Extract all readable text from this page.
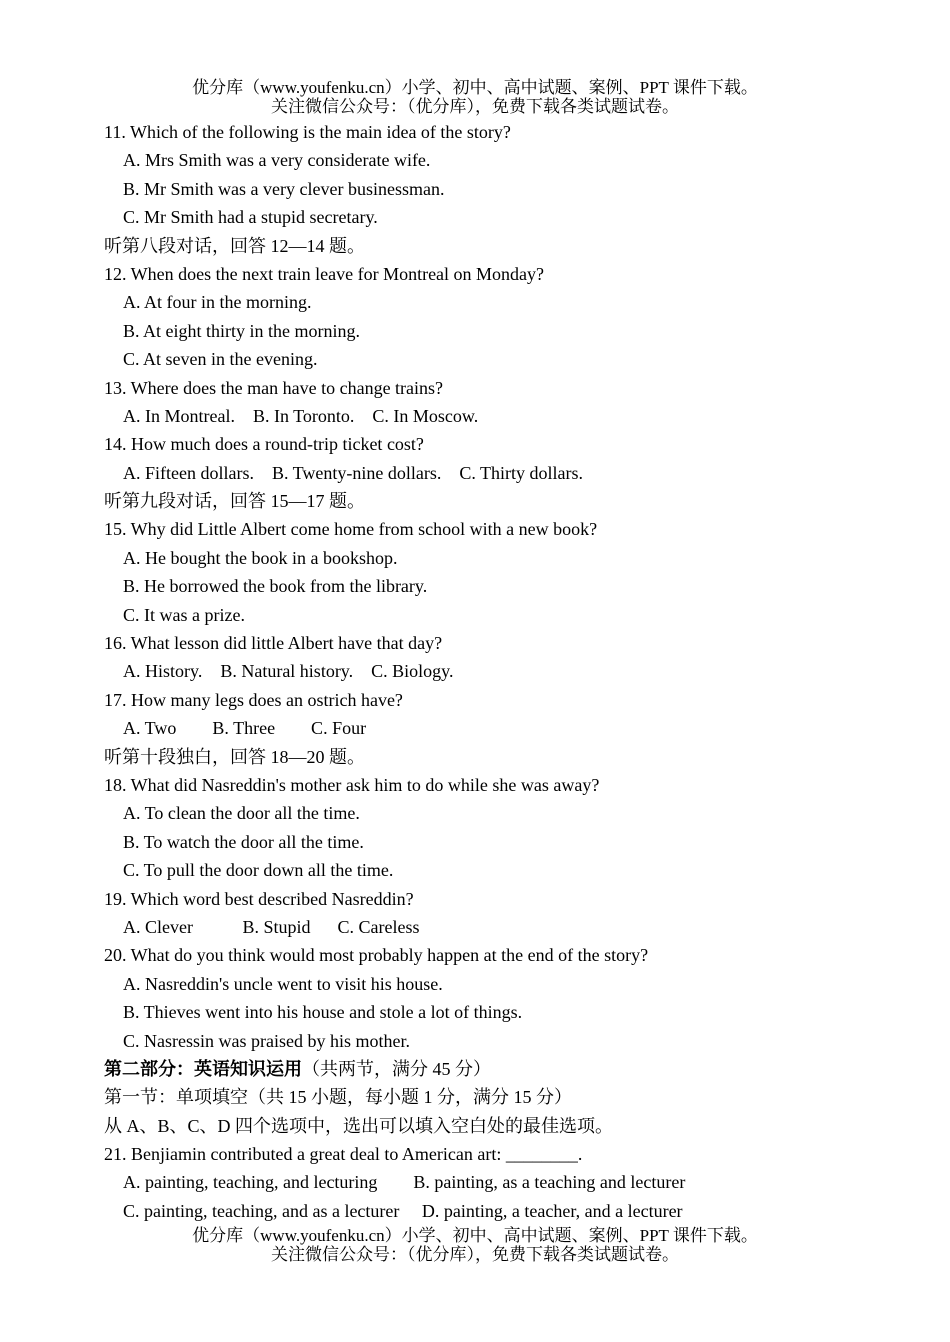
优分库（www.youfenku.cn）小学、初中、高中试题、案例、PPT 课件下载。
关注微信公众号：（优分库），免费下载各类试题试卷。
11. Which of the following is the main idea of the story?
A. Mrs Smith was a very considerate wife.
B. Mr Smith was a very clever businessman.
C. Mr Smith had a stupid secretary.
听第八段对话，回答 12—14 题。
12. When does the next train leave for Montreal on Monday?
A. At four in the morning.
B. At eight thirty in the morning.
C. At seven in the evening.
13. Where does the man have to change trains?
A. In Montreal.    B. In Toronto.    C. In Moscow.
14. How much does a round-trip ticket cost?
A. Fifteen dollars.    B. Twenty-nine dollars.    C. Thirty dollars.
听第九段对话，回答 15—17 题。
15. Why did Little Albert come home from school with a new book?
A. He bought the book in a bookshop.
B. He borrowed the book from the library.
C. It was a prize.
16. What lesson did little Albert have that day?
A. History.    B. Natural history.    C. Biology.
17. How many legs does an ostrich have?
A. Two        B. Three        C. Four
听第十段独白，回答 18—20 题。
18. What did Nasreddin's mother ask him to do while she was away?
A. To clean the door all the time.
B. To watch the door all the time.
C. To pull the door down all the time.
19. Which word best described Nasreddin?
A. Clever           B. Stupid      C. Careless
20. What do you think would most probably happen at the end of the story?
A. Nasreddin's uncle went to visit his house.
B. Thieves went into his house and stole a lot of things.
C. Nasressin was praised by his mother.
第二部分：英语知识运用（共两节，满分 45 分）
第一节：单项填空（共 15 小题，每小题 1 分，满分 15 分）
从 A、B、C、D 四个选项中，选出可以填入空白处的最佳选项。
21. Benjiamin contributed a great deal to American art: ________.
A. painting, teaching, and lecturing        B. painting, as a teaching and lecturer
C. painting, teaching, and as a lecturer     D. painting, a teacher, and a lecturer
优分库（www.youfenku.cn）小学、初中、高中试题、案例、PPT 课件下载。
关注微信公众号：（优分库），免费下载各类试题试卷。
